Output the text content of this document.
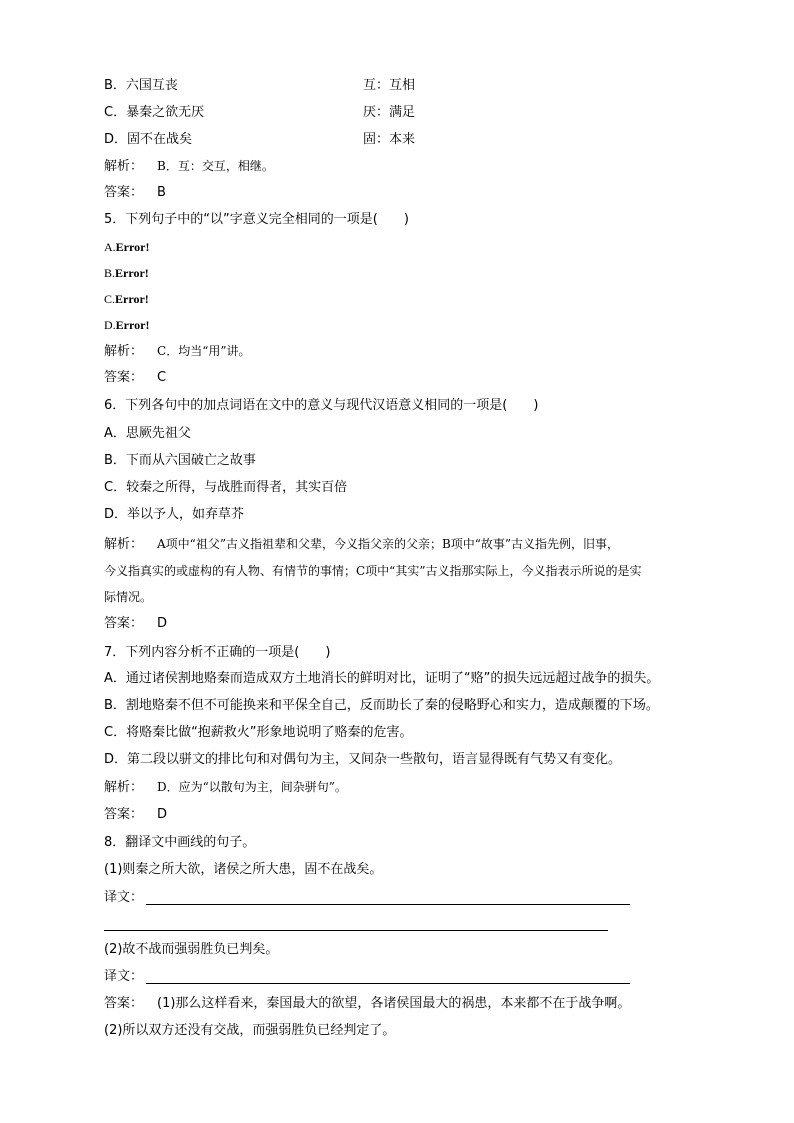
B．六国互丧	互：互相
C．暴秦之欲无厌	厌：满足
D．固不在战矣	固：本来
解析： B．互：交互，相继。
答案： B
5．下列句子中的“以”字意义完全相同的一项是(　　)
A.Error!
B.Error!
C.Error!
D.Error!
解析： C．均当“用”讲。
答案： C
6．下列各句中的加点词语在文中的意义与现代汉语意义相同的一项是(　　)
A．思厥先祖父
B．下而从六国破亡之故事
C．较秦之所得，与战胜而得者，其实百倍
D．举以予人，如弃草芥
解析： A项中“祖父”古义指祖辈和父辈，今义指父亲的父亲；B项中“故事”古义指先例，旧事，
今义指真实的或虚构的有人物、有情节的事情；C项中“其实”古义指那实际上，今义指表示所说的是实
际情况。
答案： D
7．下列内容分析不正确的一项是(　　)
A．通过诸侯割地赂秦而造成双方土地消长的鲜明对比，证明了“赂”的损失远远超过战争的损失。
B．割地赂秦不但不可能换来和平保全自己，反而助长了秦的侵略野心和实力，造成颠覆的下场。
C．将赂秦比做“抱薪救火”形象地说明了赂秦的危害。
D．第二段以骈文的排比句和对偶句为主，又间杂一些散句，语言显得既有气势又有变化。
解析： D．应为“以散句为主，间杂骈句”。
答案： D
8．翻译文中画线的句子。
(1)则秦之所大欲，诸侯之所大患，固不在战矣。
译文：
(2)故不战而强弱胜负已判矣。
译文：
答案： (1)那么这样看来，秦国最大的欲望，各诸侯国最大的祸患，本来都不在于战争啊。
(2)所以双方还没有交战，而强弱胜负已经判定了。
